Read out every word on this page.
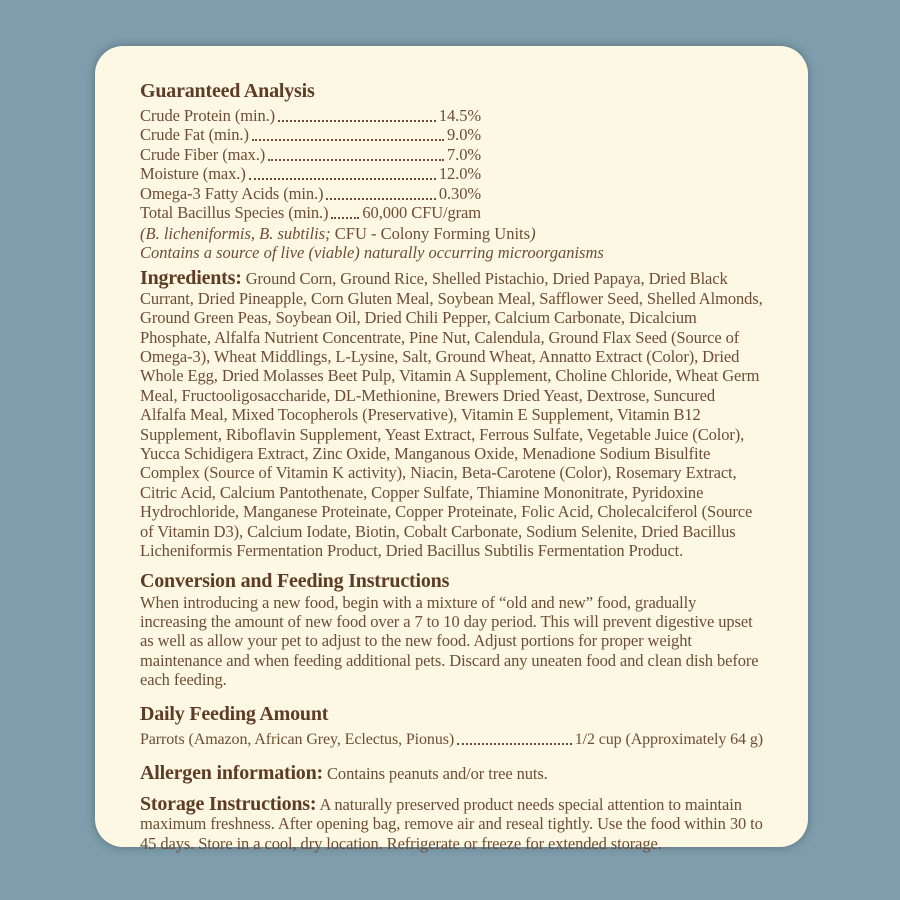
Guaranteed Analysis
Crude Protein (min.)	14.5%
Crude Fat (min.)	9.0%
Crude Fiber (max.)	7.0%
Moisture (max.)	12.0%
Omega-3 Fatty Acids (min.)	0.30%
Total Bacillus Species (min.) 60,000 CFU/gram
(B. licheniformis, B. subtilis; CFU - Colony Forming Units)
Contains a source of live (viable) naturally occurring microorganisms

Ingredients: Ground Corn, Ground Rice, Shelled Pistachio, Dried Papaya, Dried Black Currant, Dried Pineapple, Corn Gluten Meal, Soybean Meal, Safflower Seed, Shelled Almonds, Ground Green Peas, Soybean Oil, Dried Chili Pepper, Calcium Carbonate, Dicalcium Phosphate, Alfalfa Nutrient Concentrate, Pine Nut, Calendula, Ground Flax Seed (Source of Omega-3), Wheat Middlings, L-Lysine, Salt, Ground Wheat, Annatto Extract (Color), Dried Whole Egg, Dried Molasses Beet Pulp, Vitamin A Supplement, Choline Chloride, Wheat Germ Meal, Fructooligosaccharide, DL-Methionine, Brewers Dried Yeast, Dextrose, Suncured Alfalfa Meal, Mixed Tocopherols (Preservative), Vitamin E Supplement, Vitamin B12 Supplement, Riboflavin Supplement, Yeast Extract, Ferrous Sulfate, Vegetable Juice (Color), Yucca Schidigera Extract, Zinc Oxide, Manganous Oxide, Menadione Sodium Bisulfite Complex (Source of Vitamin K activity), Niacin, Beta-Carotene (Color), Rosemary Extract, Citric Acid, Calcium Pantothenate, Copper Sulfate, Thiamine Mononitrate, Pyridoxine Hydrochloride, Manganese Proteinate, Copper Proteinate, Folic Acid, Cholecalciferol (Source of Vitamin D3), Calcium Iodate, Biotin, Cobalt Carbonate, Sodium Selenite, Dried Bacillus Licheniformis Fermentation Product, Dried Bacillus Subtilis Fermentation Product.

Conversion and Feeding Instructions

When introducing a new food, begin with a mixture of “old and new” food, gradually increasing the amount of new food over a 7 to 10 day period. This will prevent digestive upset as well as allow your pet to adjust to the new food. Adjust portions for proper weight maintenance and when feeding additional pets. Discard any uneaten food and clean dish before each feeding.

Daily Feeding Amount
Parrots (Amazon, African Grey, Eclectus, Pionus)	1/2 cup (Approximately 64 g)

Allergen information: Contains peanuts and/or tree nuts.

Storage Instructions: A naturally preserved product needs special attention to maintain maximum freshness. After opening bag, remove air and reseal tightly. Use the food within 30 to 45 days. Store in a cool, dry location. Refrigerate or freeze for extended storage.
